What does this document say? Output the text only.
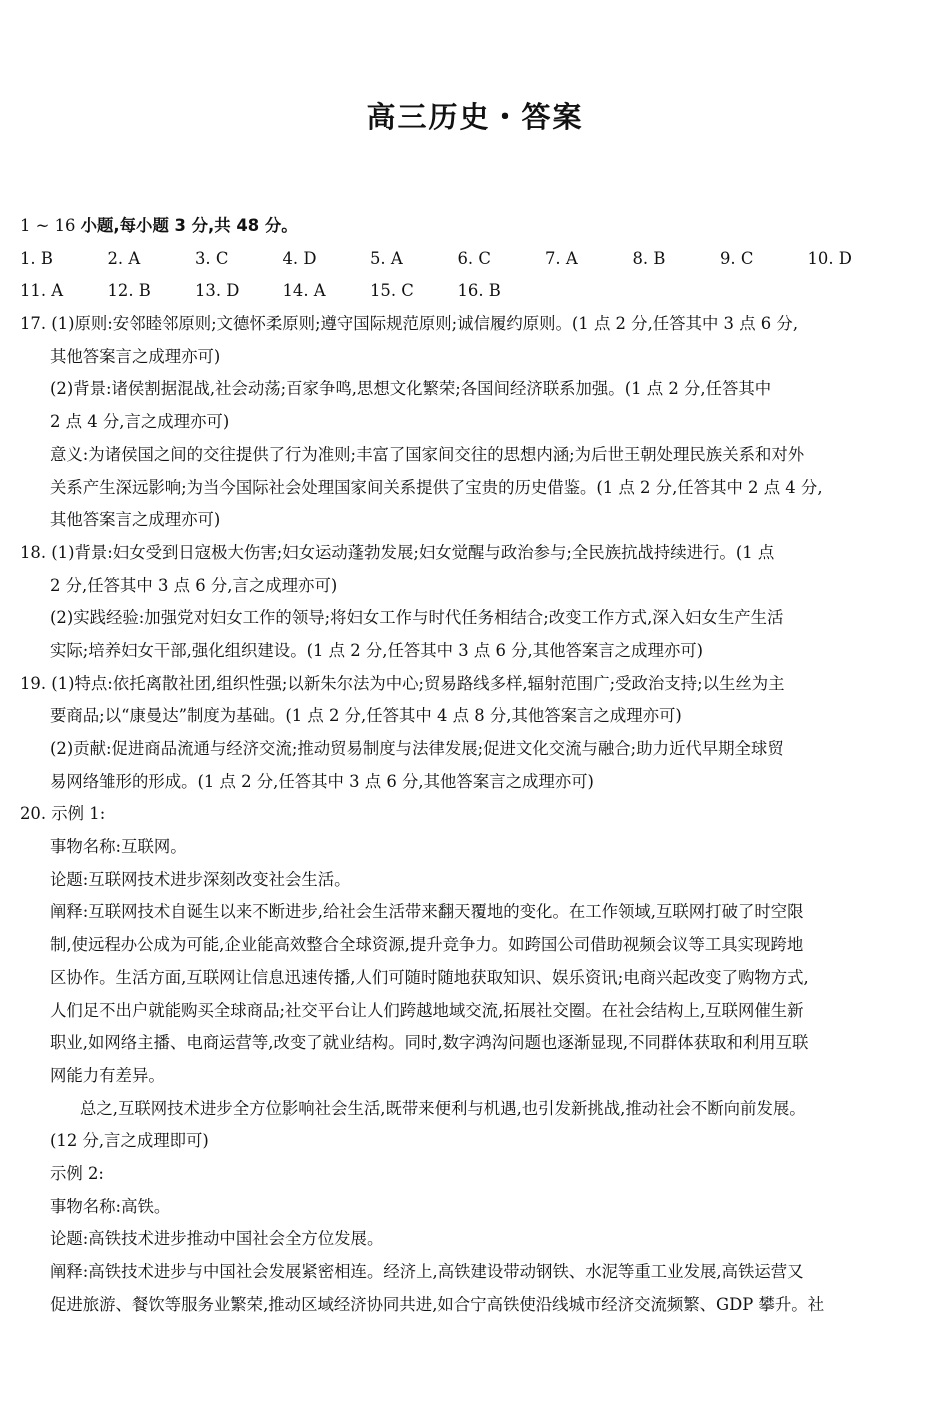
高三历史・答案
1 ~ 16 小题,每小题 3 分,共 48 分。
1. B	2. A	3. C	4. D	5. A	6. C	7. A	8. B	9. C	10. D
11. A	12. B	13. D	14. A	15. C	16. B
17. (1)原则:安邻睦邻原则;文德怀柔原则;遵守国际规范原则;诚信履约原则。(1 点 2 分,任答其中 3 点 6 分,
其他答案言之成理亦可)
(2)背景:诸侯割据混战,社会动荡;百家争鸣,思想文化繁荣;各国间经济联系加强。(1 点 2 分,任答其中
2 点 4 分,言之成理亦可)
意义:为诸侯国之间的交往提供了行为准则;丰富了国家间交往的思想内涵;为后世王朝处理民族关系和对外
关系产生深远影响;为当今国际社会处理国家间关系提供了宝贵的历史借鉴。(1 点 2 分,任答其中 2 点 4 分,
其他答案言之成理亦可)
18. (1)背景:妇女受到日寇极大伤害;妇女运动蓬勃发展;妇女觉醒与政治参与;全民族抗战持续进行。(1 点
2 分,任答其中 3 点 6 分,言之成理亦可)
(2)实践经验:加强党对妇女工作的领导;将妇女工作与时代任务相结合;改变工作方式,深入妇女生产生活
实际;培养妇女干部,强化组织建设。(1 点 2 分,任答其中 3 点 6 分,其他答案言之成理亦可)
19. (1)特点:依托离散社团,组织性强;以新朱尔法为中心;贸易路线多样,辐射范围广;受政治支持;以生丝为主
要商品;以“康曼达”制度为基础。(1 点 2 分,任答其中 4 点 8 分,其他答案言之成理亦可)
(2)贡献:促进商品流通与经济交流;推动贸易制度与法律发展;促进文化交流与融合;助力近代早期全球贸
易网络雏形的形成。(1 点 2 分,任答其中 3 点 6 分,其他答案言之成理亦可)
20. 示例 1:
事物名称:互联网。
论题:互联网技术进步深刻改变社会生活。
阐释:互联网技术自诞生以来不断进步,给社会生活带来翻天覆地的变化。在工作领域,互联网打破了时空限
制,使远程办公成为可能,企业能高效整合全球资源,提升竞争力。如跨国公司借助视频会议等工具实现跨地
区协作。生活方面,互联网让信息迅速传播,人们可随时随地获取知识、娱乐资讯;电商兴起改变了购物方式,
人们足不出户就能购买全球商品;社交平台让人们跨越地域交流,拓展社交圈。在社会结构上,互联网催生新
职业,如网络主播、电商运营等,改变了就业结构。同时,数字鸿沟问题也逐渐显现,不同群体获取和利用互联
网能力有差异。
总之,互联网技术进步全方位影响社会生活,既带来便利与机遇,也引发新挑战,推动社会不断向前发展。
(12 分,言之成理即可)
示例 2:
事物名称:高铁。
论题:高铁技术进步推动中国社会全方位发展。
阐释:高铁技术进步与中国社会发展紧密相连。经济上,高铁建设带动钢铁、水泥等重工业发展,高铁运营又
促进旅游、餐饮等服务业繁荣,推动区域经济协同共进,如合宁高铁使沿线城市经济交流频繁、GDP 攀升。社
